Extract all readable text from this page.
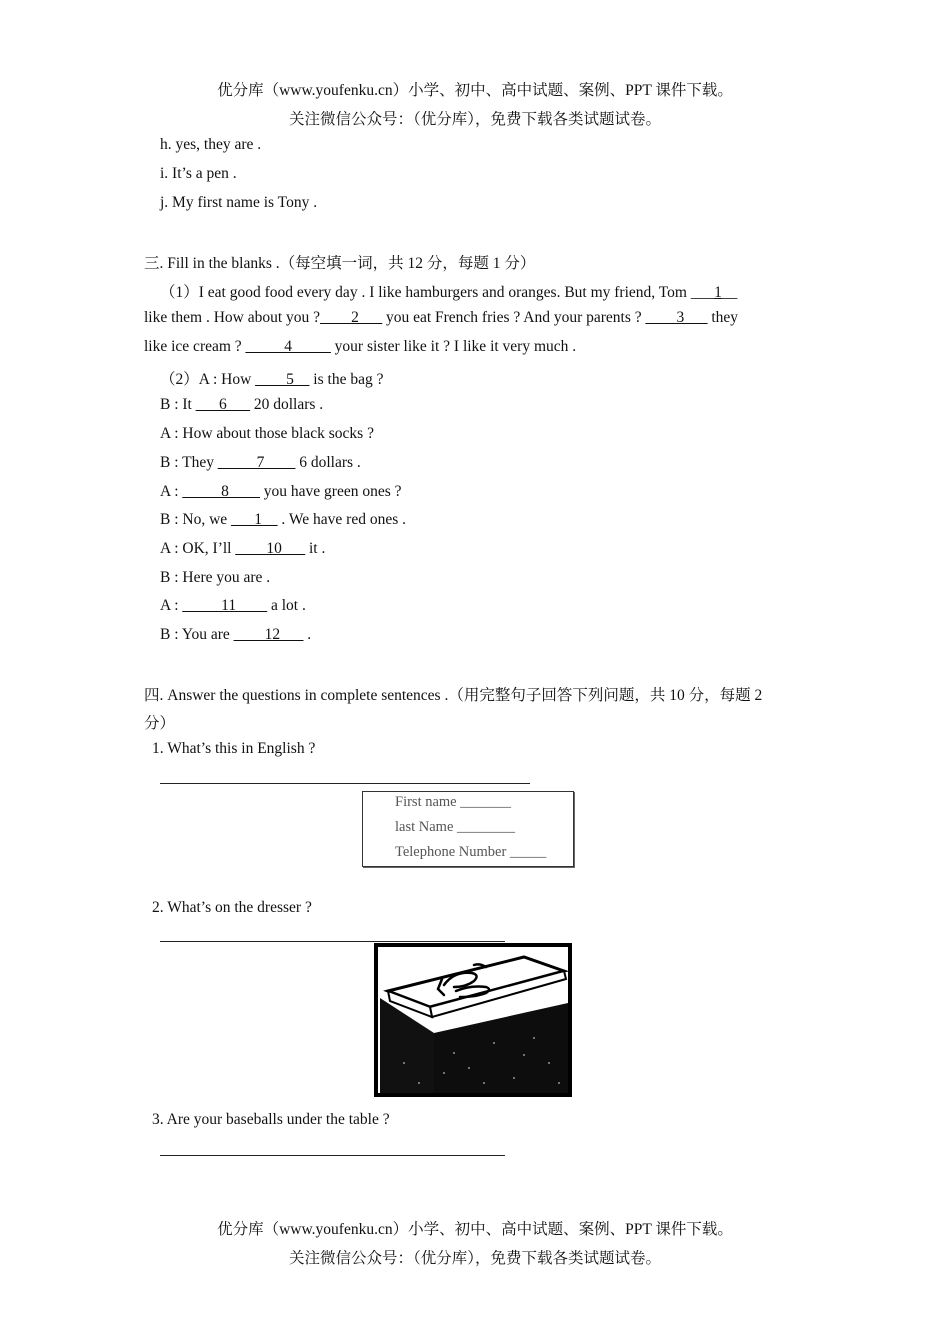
优分库（www.youfenku.cn）小学、初中、高中试题、案例、PPT 课件下载。
关注微信公众号：（优分库），免费下载各类试题试卷。
h. yes, they are .
i. It’s a pen .
j. My first name is Tony .
三. Fill in the blanks .（每空填一词，共 12 分，每题 1 分）
（1）I eat good food every day . I like hamburgers and oranges. But my friend, Tom ___1__
like them . How about you ?____2___ you eat French fries ? And your parents ? ____3___ they
like ice cream ? _____4_____ your sister like it ? I like it very much .
（2）A : How ____5__ is the bag ?
B : It ___6___ 20 dollars .
A : How about those black socks ?
B : They _____7____ 6 dollars .
A : _____8____ you have green ones ?
B : No, we ___1__ . We have red ones .
A : OK, I’ll ____10___ it .
B : Here you are .
A : _____11____ a lot .
B : You are ____12___ .
四. Answer the questions in complete sentences .（用完整句子回答下列问题，共 10 分，每题 2
分）
1. What’s this in English ?
First name _______
last Name ________
Telephone Number _____
2. What’s on the dresser ?
3. Are your baseballs under the table ?
优分库（www.youfenku.cn）小学、初中、高中试题、案例、PPT 课件下载。
关注微信公众号：（优分库），免费下载各类试题试卷。
